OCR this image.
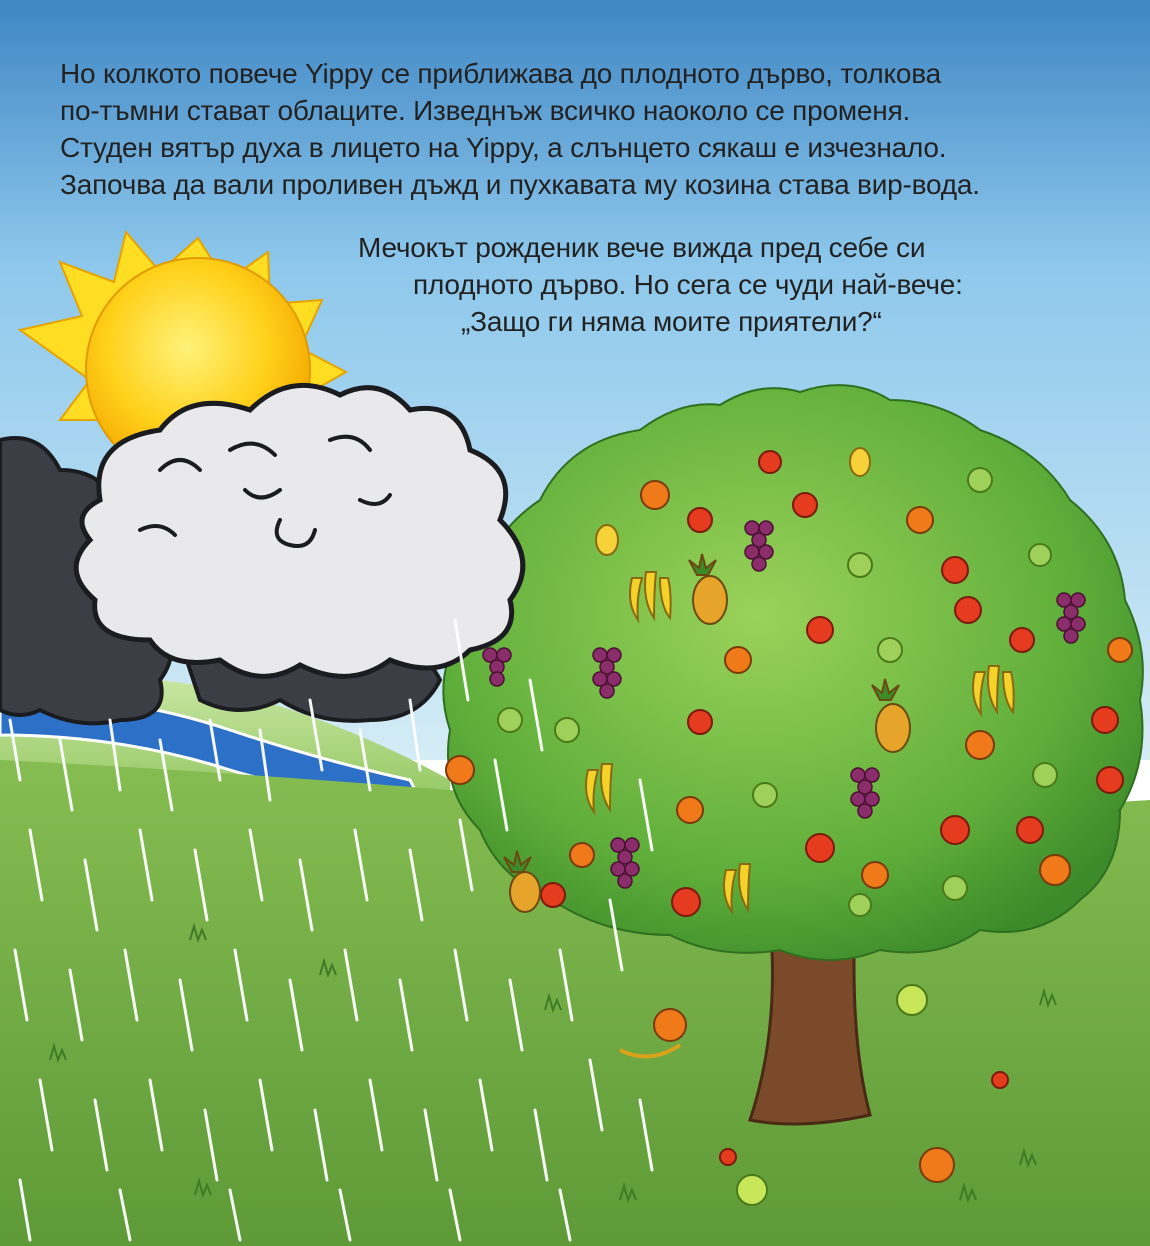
Но колкото повече Yippy се приближава до плодното дърво, толкова
по-тъмни стават облаците. Изведнъж всичко наоколо се променя.
Студен вятър духа в лицето на Yippy, а слънцето сякаш е изчезнало.
Започва да вали проливен дъжд и пухкавата му козина става вир-вода.

Мечокът рожденик вече вижда пред себе си
плодното дърво. Но сега се чуди най-вече:
„Защо ги няма моите приятели?“
